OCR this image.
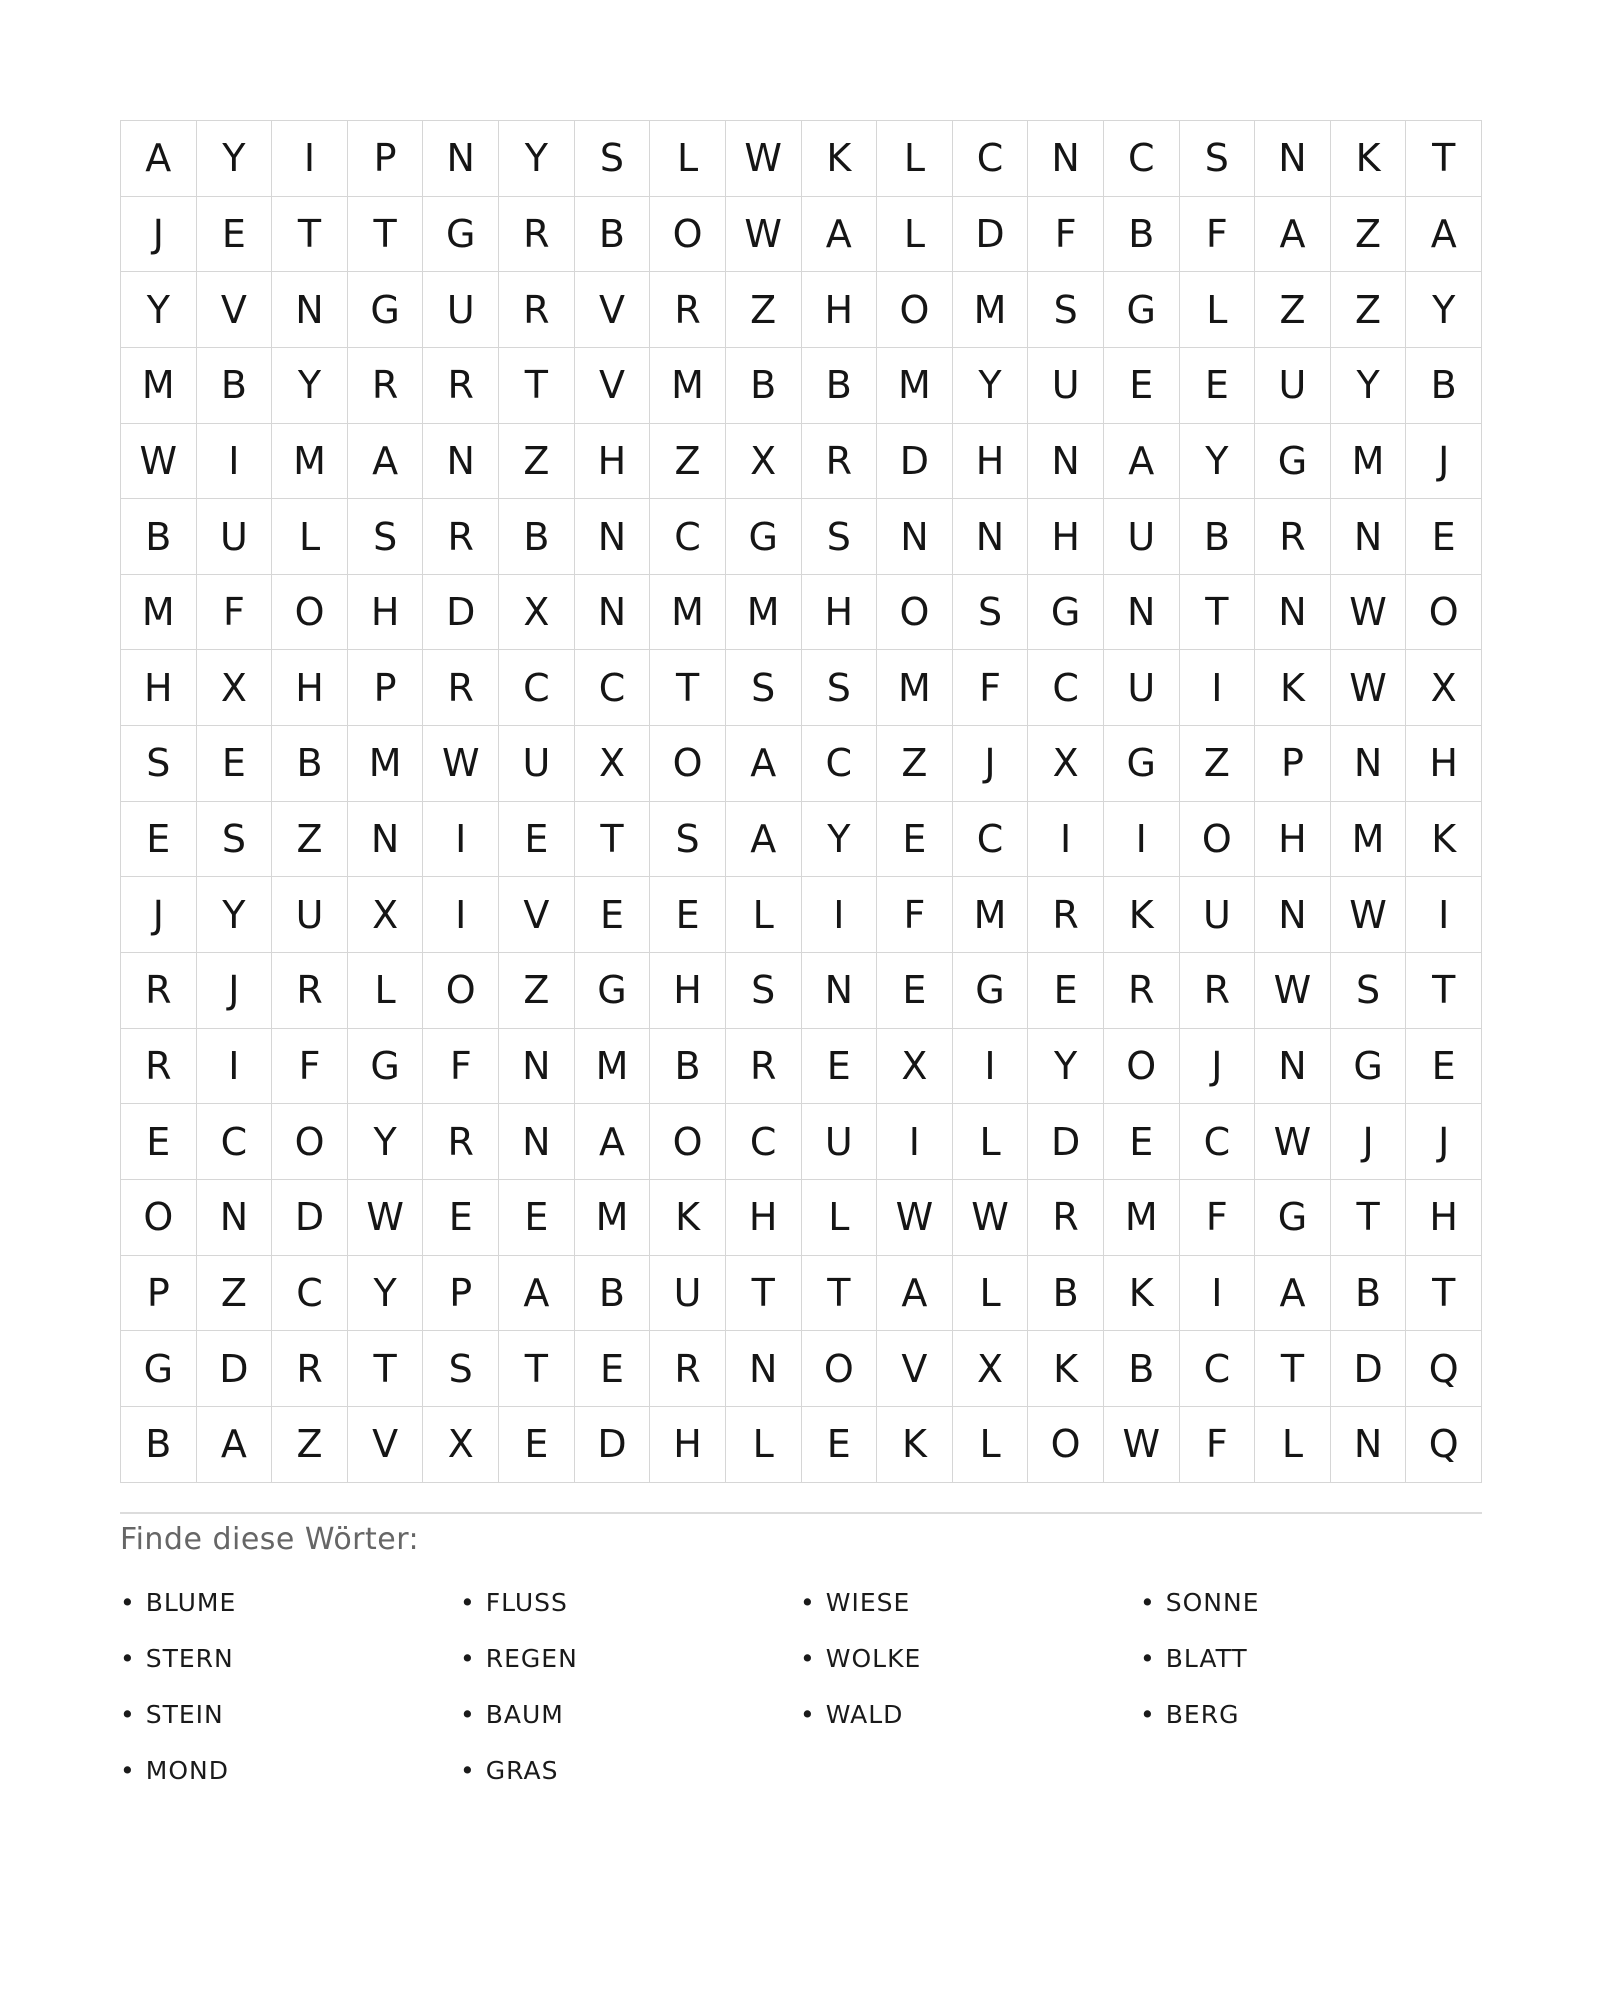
A	Y	I	P	N	Y	S	L	W	K	L	C	N	C	S	N	K	T
J	E	T	T	G	R	B	O	W	A	L	D	F	B	F	A	Z	A
Y	V	N	G	U	R	V	R	Z	H	O	M	S	G	L	Z	Z	Y
M	B	Y	R	R	T	V	M	B	B	M	Y	U	E	E	U	Y	B
W	I	M	A	N	Z	H	Z	X	R	D	H	N	A	Y	G	M	J
B	U	L	S	R	B	N	C	G	S	N	N	H	U	B	R	N	E
M	F	O	H	D	X	N	M	M	H	O	S	G	N	T	N	W	O
H	X	H	P	R	C	C	T	S	S	M	F	C	U	I	K	W	X
S	E	B	M	W	U	X	O	A	C	Z	J	X	G	Z	P	N	H
E	S	Z	N	I	E	T	S	A	Y	E	C	I	I	O	H	M	K
J	Y	U	X	I	V	E	E	L	I	F	M	R	K	U	N	W	I
R	J	R	L	O	Z	G	H	S	N	E	G	E	R	R	W	S	T
R	I	F	G	F	N	M	B	R	E	X	I	Y	O	J	N	G	E
E	C	O	Y	R	N	A	O	C	U	I	L	D	E	C	W	J	J
O	N	D	W	E	E	M	K	H	L	W	W	R	M	F	G	T	H
P	Z	C	Y	P	A	B	U	T	T	A	L	B	K	I	A	B	T
G	D	R	T	S	T	E	R	N	O	V	X	K	B	C	T	D	Q
B	A	Z	V	X	E	D	H	L	E	K	L	O	W	F	L	N	Q
Finde diese Wörter:
• BLUME	• FLUSS	• WIESE	• SONNE
• STERN	• REGEN	• WOLKE	• BLATT
• STEIN	• BAUM	• WALD	• BERG
• MOND	• GRAS
